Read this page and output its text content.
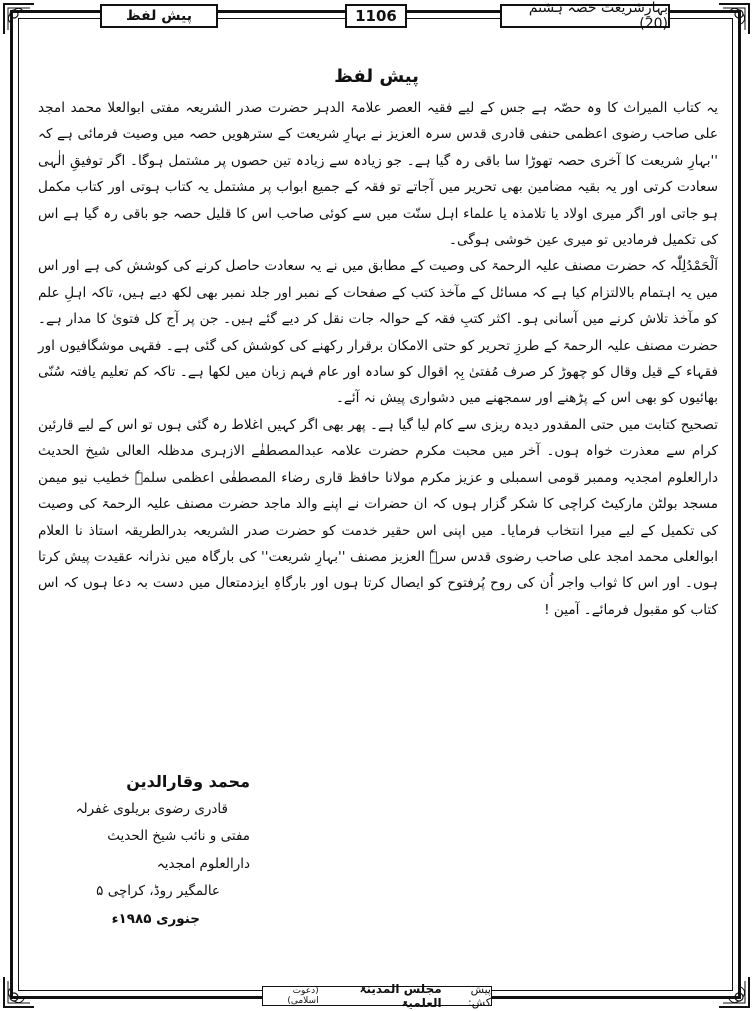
پیش لفظ	1106	بہارِشریعت حصہ ہشتم (20)
پیش لفظ

یہ کتاب المیراث کا وہ حصّہ ہے جس کے لیے فقیہ العصر علامۃ الدہر حضرت صدر الشریعہ مفتی ابوالعلا محمد امجد علی صاحب رضوی اعظمی حنفی قادری قدس سرہ العزیز نے بہارِ شریعت کے سترھویں حصہ میں وصیت فرمائی ہے کہ ''بہارِ شریعت کا آخری حصہ تھوڑا سا باقی رہ گیا ہے۔ جو زیادہ سے زیادہ تین حصوں پر مشتمل ہوگا۔ اگر توفیقِ الٰہی سعادت کرتی اور یہ بقیہ مضامین بھی تحریر میں آجاتے تو فقہ کے جمیع ابواب پر مشتمل یہ کتاب ہوتی اور کتاب مکمل ہو جاتی اور اگر میری اولاد یا تلامذہ یا علماء اہل سنّت میں سے کوئی صاحب اس کا قلیل حصہ جو باقی رہ گیا ہے اس کی تکمیل فرمادیں تو میری عین خوشی ہوگی۔

اَلْحَمْدُلِلّٰہ کہ حضرت مصنف علیہ الرحمۃ کی وصیت کے مطابق میں نے یہ سعادت حاصل کرنے کی کوشش کی ہے اور اس میں یہ اہتمام بالالتزام کیا ہے کہ مسائل کے مآخذ کتب کے صفحات کے نمبر اور جلد نمبر بھی لکھ دیے ہیں، تاکہ اہلِ علم کو مآخذ تلاش کرنے میں آسانی ہو۔ اکثر کتبِ فقہ کے حوالہ جات نقل کر دیے گئے ہیں۔ جن پر آج کل فتویٰ کا مدار ہے۔ حضرت مصنف علیہ الرحمۃ کے طرزِ تحریر کو حتی الامکان برقرار رکھنے کی کوشش کی گئی ہے۔ فقہی موشگافیوں اور فقہاء کے قیل وقال کو چھوڑ کر صرف مُفتیٰ بِہٖ اقوال کو سادہ اور عام فہم زبان میں لکھا ہے۔ تاکہ کم تعلیم یافتہ سُنّی بھائیوں کو بھی اس کے پڑھنے اور سمجھنے میں دشواری پیش نہ آئے۔

تصحیح کتابت میں حتی المقدور دیدہ ریزی سے کام لیا گیا ہے۔ پھر بھی اگر کہیں اغلاط رہ گئی ہوں تو اس کے لیے قارئین کرام سے معذرت خواہ ہوں۔ آخر میں محبت مکرم حضرت علامہ عبدالمصطفٰے الازہری مدظلہ العالی شیخ الحدیث دارالعلوم امجدیہ وممبر قومی اسمبلی و عزیز مکرم مولانا حافظ قاری رضاء المصطفٰی اعظمی سلمہٗ خطیب نیو میمن مسجد بولٹن مارکیٹ کراچی کا شکر گزار ہوں کہ ان حضرات نے اپنے والد ماجد حضرت مصنف علیہ الرحمۃ کی وصیت کی تکمیل کے لیے میرا انتخاب فرمایا۔ میں اپنی اس حقیر خدمت کو حضرت صدر الشریعہ بدرالطریقہ استاذ نا العلام ابوالعلی محمد امجد علی صاحب رضوی قدس سرہٗ العزیز مصنف ''بہارِ شریعت'' کی بارگاہ میں نذرانہ عقیدت پیش کرتا ہوں۔ اور اس کا ثواب واجر اُن کی روح پُرفتوح کو ایصال کرتا ہوں اور بارگاہِ ایزدمتعال میں دست بہ دعا ہوں کہ اس کتاب کو مقبول فرمائے۔ آمین !

محمد وقارالدین
قادری رضوی بریلوی غفرلہ
مفتی و نائب شیخ الحدیث دارالعلوم امجدیہ
عالمگیر روڈ، کراچی ۵
جنوری ۱۹۸۵ء
پیش کش:
مجلس المدینۃ العلمیۃ
(دعوت اسلامی)
